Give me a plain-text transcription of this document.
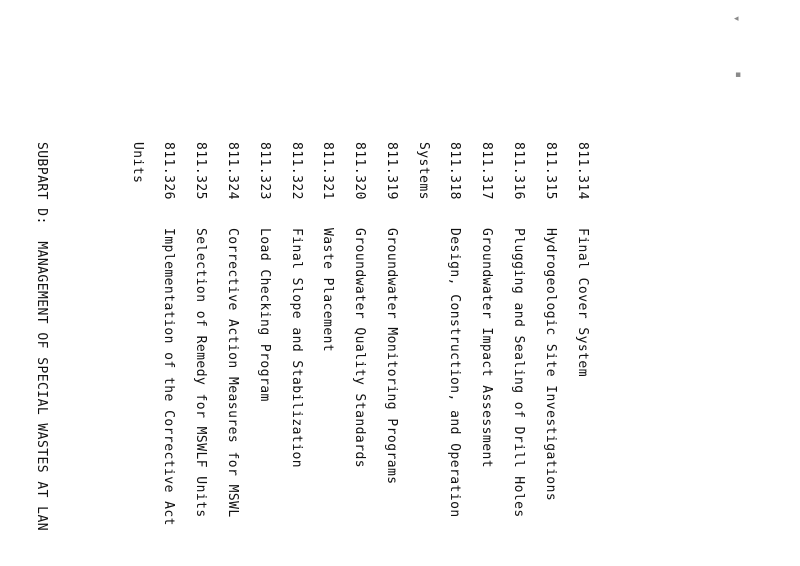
◂
▪

811.314Final Cover System

811.315Hydrogeologic Site Investigations

811.316Plugging and Sealing of Drill Holes

811.317Groundwater Impact Assessment

811.318Design, Construction, and Operation

Systems

811.319Groundwater Monitoring Programs

811.320Groundwater Quality Standards

811.321Waste Placement

811.322Final Slope and Stabilization

811.323Load Checking Program

811.324Corrective Action Measures for MSWL

811.325Selection of Remedy for MSWLF Units

811.326Implementation of the Corrective Act

Units

SUBPART D:  MANAGEMENT OF SPECIAL WASTES AT LAN
